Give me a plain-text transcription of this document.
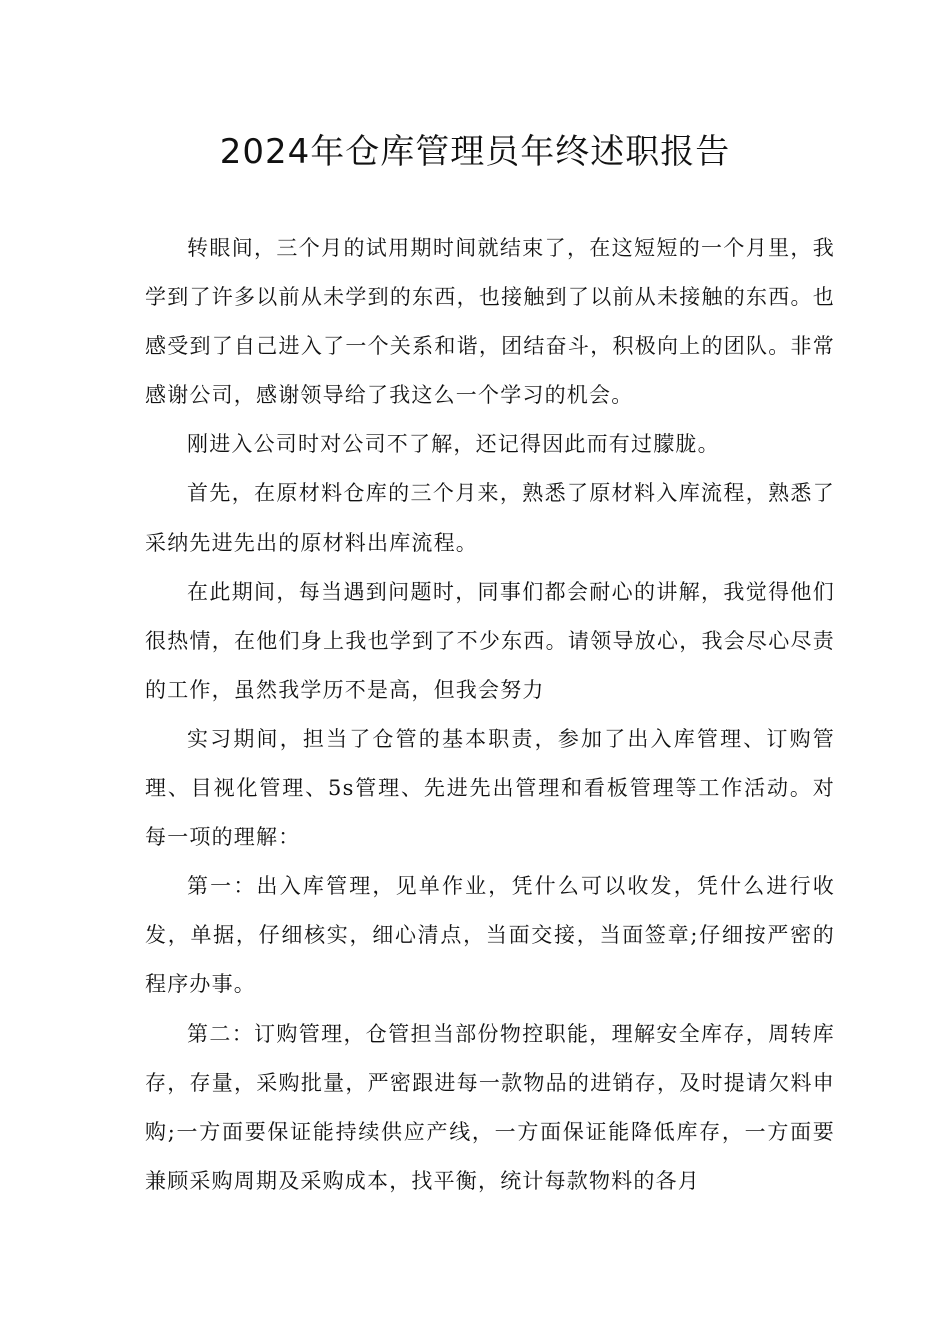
2024年仓库管理员年终述职报告

转眼间，三个月的试用期时间就结束了，在这短短的一个月里，我学到了许多以前从未学到的东西，也接触到了以前从未接触的东西。也感受到了自己进入了一个关系和谐，团结奋斗，积极向上的团队。非常感谢公司，感谢领导给了我这么一个学习的机会。

刚进入公司时对公司不了解，还记得因此而有过朦胧。

首先，在原材料仓库的三个月来，熟悉了原材料入库流程，熟悉了采纳先进先出的原材料出库流程。

在此期间，每当遇到问题时，同事们都会耐心的讲解，我觉得他们很热情，在他们身上我也学到了不少东西。请领导放心，我会尽心尽责的工作，虽然我学历不是高，但我会努力

实习期间，担当了仓管的基本职责，参加了出入库管理、订购管理、目视化管理、5s管理、先进先出管理和看板管理等工作活动。对每一项的理解：

第一：出入库管理，见单作业，凭什么可以收发，凭什么进行收发，单据，仔细核实，细心清点，当面交接，当面签章;仔细按严密的程序办事。

第二：订购管理，仓管担当部份物控职能，理解安全库存，周转库存，存量，采购批量，严密跟进每一款物品的进销存，及时提请欠料申购;一方面要保证能持续供应产线，一方面保证能降低库存，一方面要兼顾采购周期及采购成本，找平衡，统计每款物料的各月
